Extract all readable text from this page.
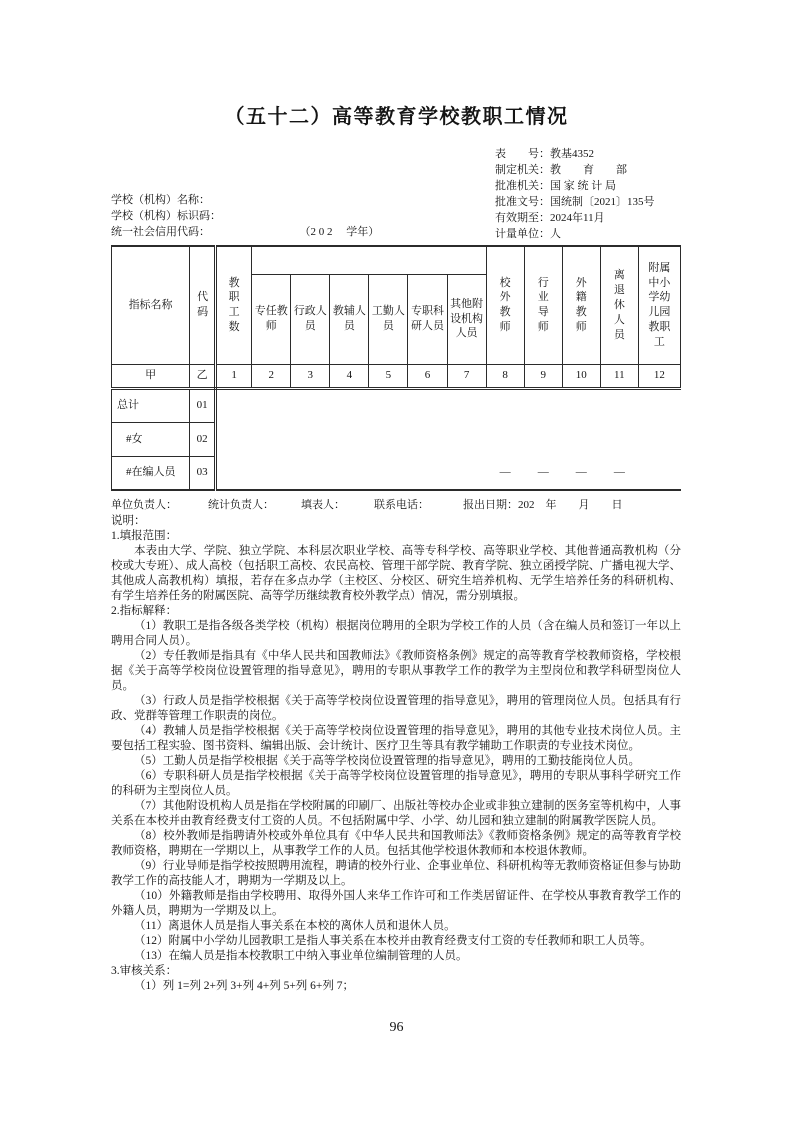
（五十二）高等教育学校教职工情况
学校（机构）名称：
学校（机构）标识码：
统一社会信用代码：	（2 0 2　 学年）
表　　号：教基4352
制定机关：教　　育　　部
批准机关：国 家 统 计 局
批准文号：国统制〔2021〕135号
有效期至：2024年11月
计量单位：人
指标名称	代码	教职工数							校外教师	行业导师	外籍教师	离退休人员	附属中小学幼儿园教职工
			专任教师	行政人员	教辅人员	工勤人员	专职科研人员	其他附设机构人员					
甲	乙	1	2	3	4	5	6	7	8	9	10	11	12
总计	01												
#女	02												
#在编人员	03								—	—	—	—	
单位负责人：	统计负责人： 填表人：	联系电话：	报出日期：202　年　　月　　日

说明：

1.填报范围：

本表由大学、学院、独立学院、本科层次职业学校、高等专科学校、高等职业学校、其他普通高教机构（分校或大专班）、成人高校（包括职工高校、农民高校、管理干部学院、教育学院、独立函授学院、广播电视大学、其他成人高教机构）填报，若存在多点办学（主校区、分校区、研究生培养机构、无学生培养任务的科研机构、有学生培养任务的附属医院、高等学历继续教育校外教学点）情况，需分别填报。

2.指标解释：

（1）教职工是指各级各类学校（机构）根据岗位聘用的全职为学校工作的人员（含在编人员和签订一年以上聘用合同人员）。

（2）专任教师是指具有《中华人民共和国教师法》《教师资格条例》规定的高等教育学校教师资格，学校根据《关于高等学校岗位设置管理的指导意见》，聘用的专职从事教学工作的教学为主型岗位和教学科研型岗位人员。

（3）行政人员是指学校根据《关于高等学校岗位设置管理的指导意见》，聘用的管理岗位人员。包括具有行政、党群等管理工作职责的岗位。

（4）教辅人员是指学校根据《关于高等学校岗位设置管理的指导意见》，聘用的其他专业技术岗位人员。主要包括工程实验、图书资料、编辑出版、会计统计、医疗卫生等具有教学辅助工作职责的专业技术岗位。

（5）工勤人员是指学校根据《关于高等学校岗位设置管理的指导意见》，聘用的工勤技能岗位人员。

（6）专职科研人员是指学校根据《关于高等学校岗位设置管理的指导意见》，聘用的专职从事科学研究工作的科研为主型岗位人员。

（7）其他附设机构人员是指在学校附属的印刷厂、出版社等校办企业或非独立建制的医务室等机构中，人事关系在本校并由教育经费支付工资的人员。不包括附属中学、小学、幼儿园和独立建制的附属教学医院人员。

（8）校外教师是指聘请外校或外单位具有《中华人民共和国教师法》《教师资格条例》规定的高等教育学校教师资格，聘期在一学期以上，从事教学工作的人员。包括其他学校退休教师和本校退休教师。

（9）行业导师是指学校按照聘用流程，聘请的校外行业、企事业单位、科研机构等无教师资格证但参与协助教学工作的高技能人才，聘期为一学期及以上。

（10）外籍教师是指由学校聘用、取得外国人来华工作许可和工作类居留证件、在学校从事教育教学工作的外籍人员，聘期为一学期及以上。

（11）离退休人员是指人事关系在本校的离休人员和退休人员。

（12）附属中小学幼儿园教职工是指人事关系在本校并由教育经费支付工资的专任教师和职工人员等。

（13）在编人员是指本校教职工中纳入事业单位编制管理的人员。

3.审核关系：

（1）列 1=列 2+列 3+列 4+列 5+列 6+列 7；

96
